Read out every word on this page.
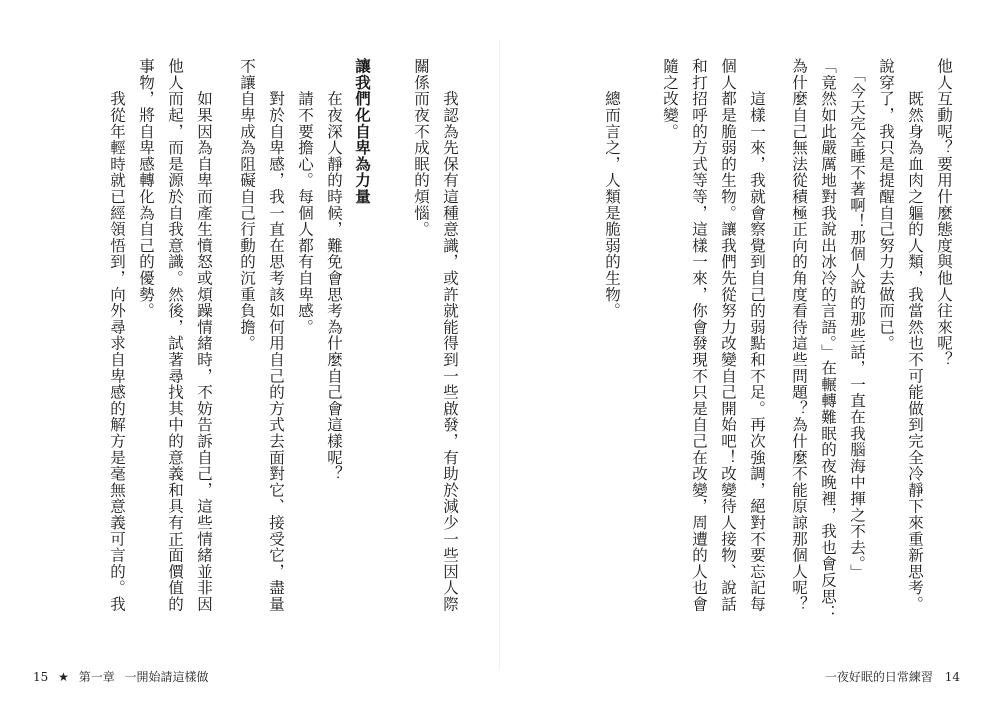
他人互動呢？要用什麼態度與他人往來呢？
　　既然身為血肉之軀的人類，我當然也不可能做到完全冷靜下來重新思考。
說穿了，我只是提醒自己努力去做而已。
　「今天完全睡不著啊！那個人說的那些話，一直在我腦海中揮之不去。」
「竟然如此嚴厲地對我說出冰冷的言語。」在輾轉難眠的夜晚裡，我也會反思：
為什麼自己無法從積極正向的角度看待這些問題？為什麼不能原諒那個人呢？
　　這樣一來，我就會察覺到自己的弱點和不足。再次強調，絕對不要忘記每
個人都是脆弱的生物。讓我們先從努力改變自己開始吧！改變待人接物、說話
和打招呼的方式等等，這樣一來，你會發現不只是自己在改變，周遭的人也會
隨之改變。
　　總而言之，人類是脆弱的生物。
　　我認為先保有這種意識，或許就能得到一些啟發，有助於減少一些因人際
關係而夜不成眠的煩惱。
讓我們化自卑為力量
　　在夜深人靜的時候，難免會思考為什麼自己會這樣呢？
　　請不要擔心。每個人都有自卑感。
　　對於自卑感，我一直在思考該如何用自己的方式去面對它、接受它，盡量
不讓自卑成為阻礙自己行動的沉重負擔。
　　如果因為自卑而產生憤怒或煩躁情緒時，不妨告訴自己，這些情緒並非因
他人而起，而是源於自我意識。然後，試著尋找其中的意義和具有正面價值的
事物，將自卑感轉化為自己的優勢。
　　我從年輕時就已經領悟到，向外尋求自卑感的解方是毫無意義可言的。我
15 ★ 第一章 一開始請這樣做	一夜好眠的日常練習 14
